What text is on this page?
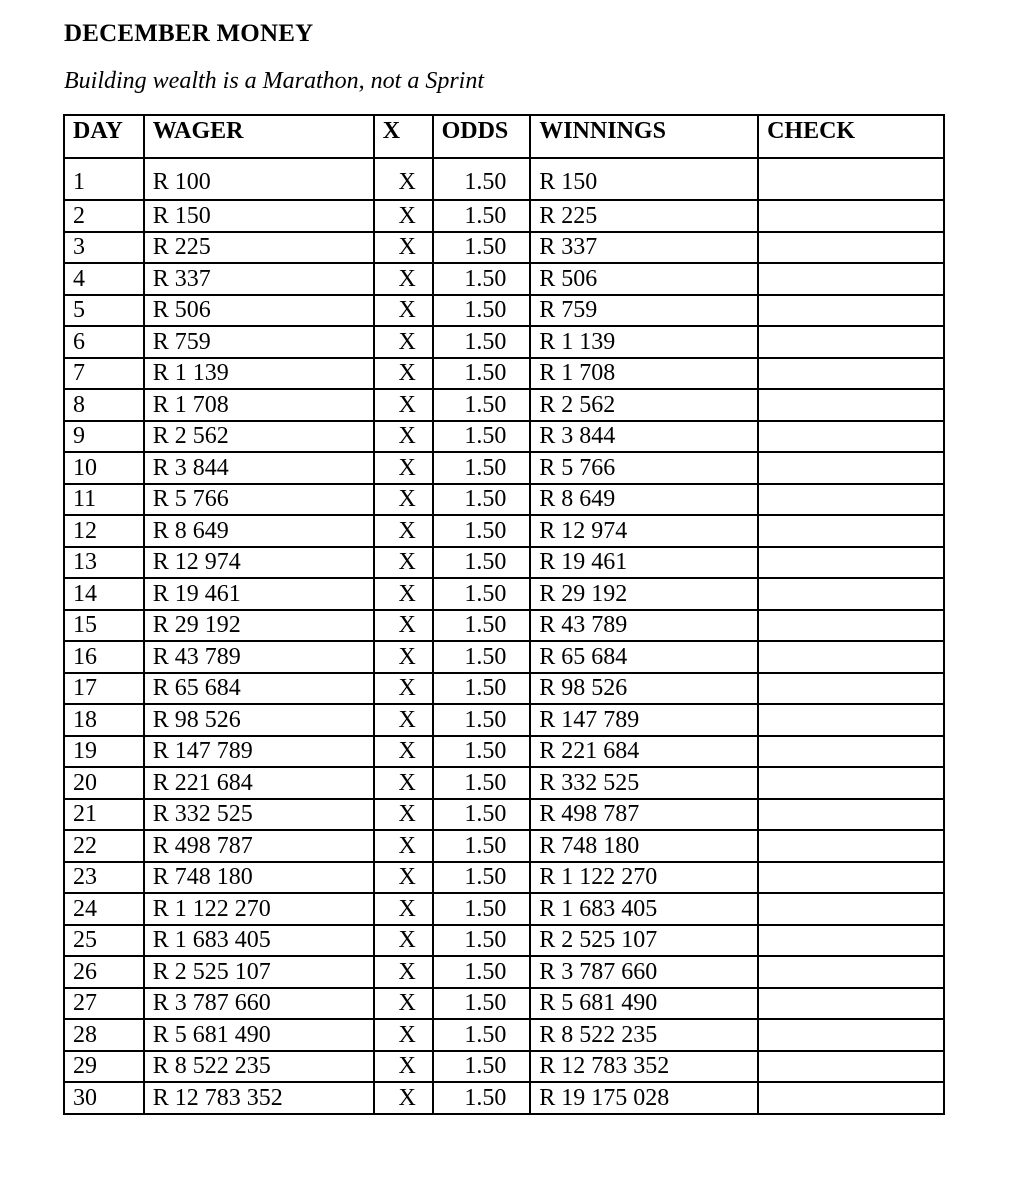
DECEMBER MONEY
Building wealth is a Marathon, not a Sprint
DAY	WAGER	X	ODDS	WINNINGS	CHECK
1	R 100	X	1.50	R 150	
2	R 150	X	1.50	R 225	
3	R 225	X	1.50	R 337	
4	R 337	X	1.50	R 506	
5	R 506	X	1.50	R 759	
6	R 759	X	1.50	R 1 139	
7	R 1 139	X	1.50	R 1 708	
8	R 1 708	X	1.50	R 2 562	
9	R 2 562	X	1.50	R 3 844	
10	R 3 844	X	1.50	R 5 766	
11	R 5 766	X	1.50	R 8 649	
12	R 8 649	X	1.50	R 12 974	
13	R 12 974	X	1.50	R 19 461	
14	R 19 461	X	1.50	R 29 192	
15	R 29 192	X	1.50	R 43 789	
16	R 43 789	X	1.50	R 65 684	
17	R 65 684	X	1.50	R 98 526	
18	R 98 526	X	1.50	R 147 789	
19	R 147 789	X	1.50	R 221 684	
20	R 221 684	X	1.50	R 332 525	
21	R 332 525	X	1.50	R 498 787	
22	R 498 787	X	1.50	R 748 180	
23	R 748 180	X	1.50	R 1 122 270	
24	R 1 122 270	X	1.50	R 1 683 405	
25	R 1 683 405	X	1.50	R 2 525 107	
26	R 2 525 107	X	1.50	R 3 787 660	
27	R 3 787 660	X	1.50	R 5 681 490	
28	R 5 681 490	X	1.50	R 8 522 235	
29	R 8 522 235	X	1.50	R 12 783 352	
30	R 12 783 352	X	1.50	R 19 175 028	
